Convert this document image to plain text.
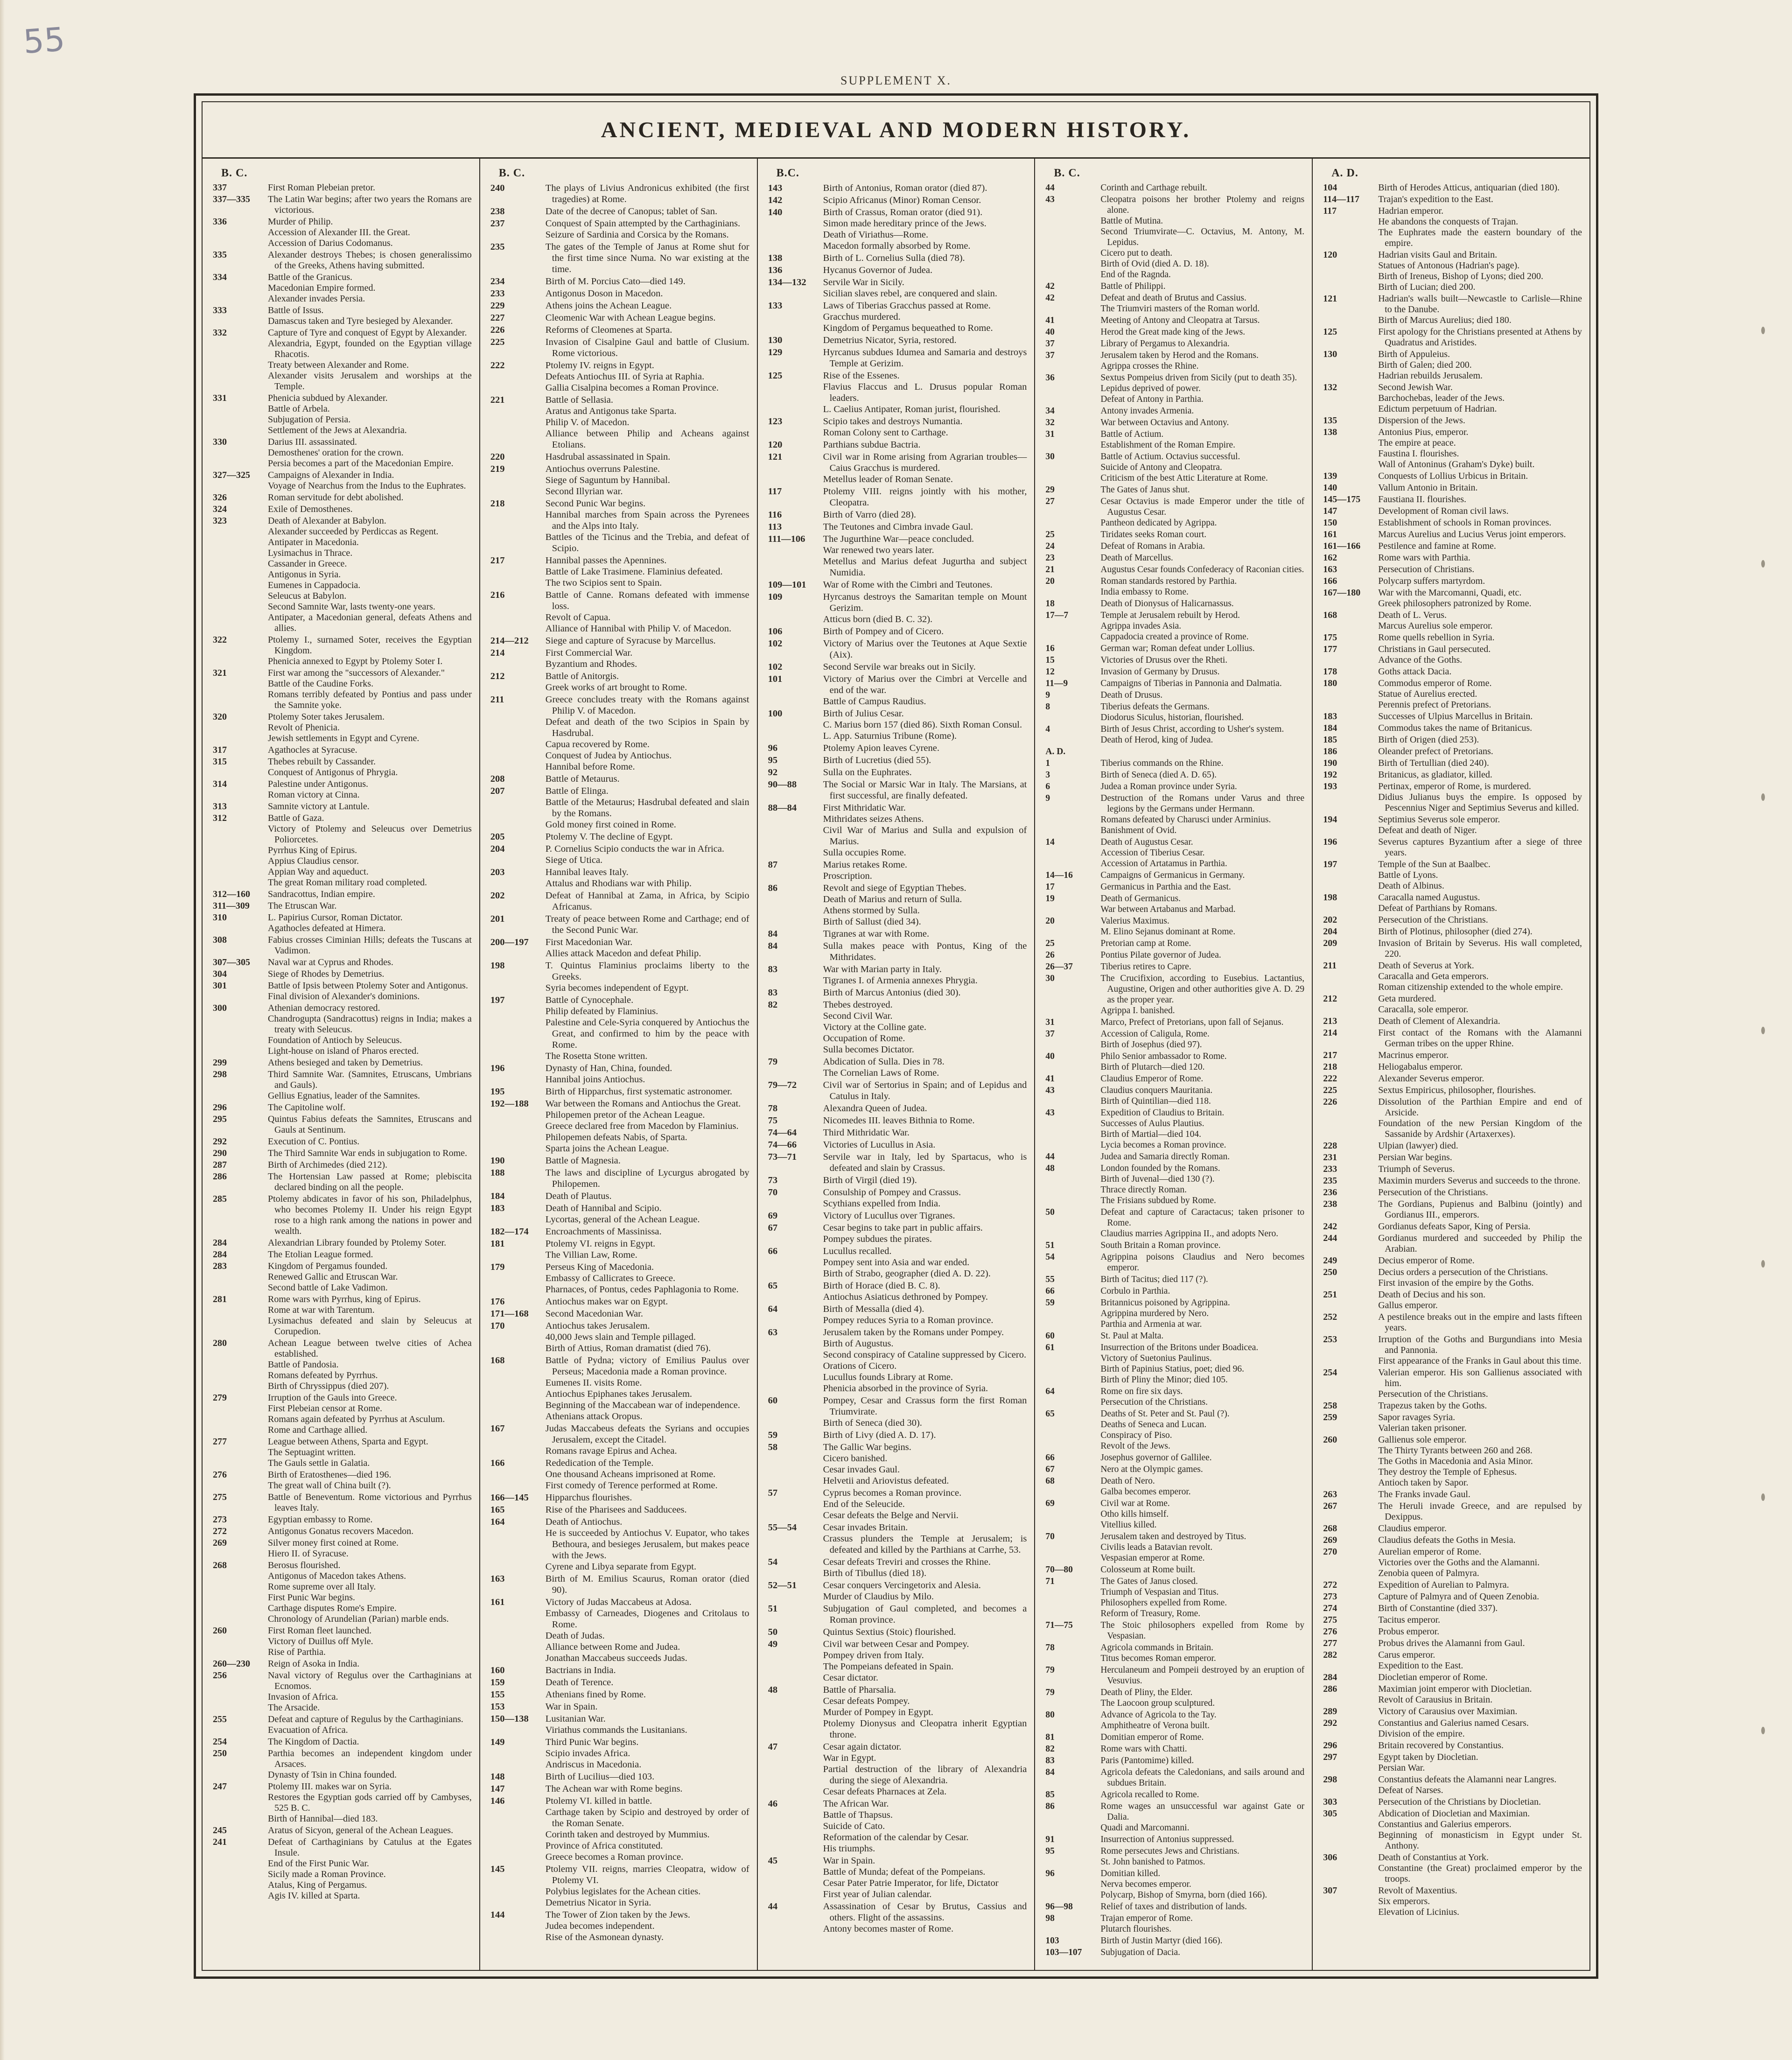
55
SUPPLEMENT X.
ANCIENT, MEDIEVAL AND MODERN HISTORY.
B. C.
337	First Roman Plebeian pretor.
337—335	The Latin War begins; after two years the Romans are victorious.
336	Murder of Philip.
Accession of Alexander III. the Great.
Accession of Darius Codomanus.
335	Alexander destroys Thebes; is chosen generalissimo of the Greeks, Athens having submitted.
334	Battle of the Granicus.
Macedonian Empire formed.
Alexander invades Persia.
333	Battle of Issus.
Damascus taken and Tyre besieged by Alexander.
332	Capture of Tyre and conquest of Egypt by Alexander.
Alexandria, Egypt, founded on the Egyptian village Rhacotis.
Treaty between Alexander and Rome.
Alexander visits Jerusalem and worships at the Temple.
331	Phenicia subdued by Alexander.
Battle of Arbela.
Subjugation of Persia.
Settlement of the Jews at Alexandria.
330	Darius III. assassinated.
Demosthenes' oration for the crown.
Persia becomes a part of the Macedonian Empire.
327—325	Campaigns of Alexander in India.
Voyage of Nearchus from the Indus to the Euphrates.
326	Roman servitude for debt abolished.
324	Exile of Demosthenes.
323	Death of Alexander at Babylon.
Alexander succeeded by Perdiccas as Regent.
Antipater in Macedonia.
Lysimachus in Thrace.
Cassander in Greece.
Antigonus in Syria.
Eumenes in Cappadocia.
Seleucus at Babylon.
Second Samnite War, lasts twenty-one years.
Antipater, a Macedonian general, defeats Athens and allies.
322	Ptolemy I., surnamed Soter, receives the Egyptian Kingdom.
Phenicia annexed to Egypt by Ptolemy Soter I.
321	First war among the "successors of Alexander."
Battle of the Caudine Forks.
Romans terribly defeated by Pontius and pass under the Samnite yoke.
320	Ptolemy Soter takes Jerusalem.
Revolt of Phenicia.
Jewish settlements in Egypt and Cyrene.
317	Agathocles at Syracuse.
315	Thebes rebuilt by Cassander.
Conquest of Antigonus of Phrygia.
314	Palestine under Antigonus.
Roman victory at Cinna.
313	Samnite victory at Lantule.
312	Battle of Gaza.
Victory of Ptolemy and Seleucus over Demetrius Poliorcetes.
Pyrrhus King of Epirus.
Appius Claudius censor.
Appian Way and aqueduct.
The great Roman military road completed.
312—160	Sandracottus, Indian empire.
311—309	The Etruscan War.
310	L. Papirius Cursor, Roman Dictator.
Agathocles defeated at Himera.
308	Fabius crosses Ciminian Hills; defeats the Tuscans at Vadimon.
307—305	Naval war at Cyprus and Rhodes.
304	Siege of Rhodes by Demetrius.
301	Battle of Ipsis between Ptolemy Soter and Antigonus.
Final division of Alexander's dominions.
300	Athenian democracy restored.
Chandrogupta (Sandracottus) reigns in India; makes a treaty with Seleucus.
Foundation of Antioch by Seleucus.
Light-house on island of Pharos erected.
299	Athens besieged and taken by Demetrius.
298	Third Samnite War. (Samnites, Etruscans, Umbrians and Gauls).
Gellius Egnatius, leader of the Samnites.
296	The Capitoline wolf.
295	Quintus Fabius defeats the Samnites, Etruscans and Gauls at Sentinum.
292	Execution of C. Pontius.
290	The Third Samnite War ends in subjugation to Rome.
287	Birth of Archimedes (died 212).
286	The Hortensian Law passed at Rome; plebiscita declared binding on all the people.
285	Ptolemy abdicates in favor of his son, Philadelphus, who becomes Ptolemy II. Under his reign Egypt rose to a high rank among the nations in power and wealth.
284	Alexandrian Library founded by Ptolemy Soter.
284	The Etolian League formed.
283	Kingdom of Pergamus founded.
Renewed Gallic and Etruscan War.
Second battle of Lake Vadimon.
281	Rome wars with Pyrrhus, king of Epirus.
Rome at war with Tarentum.
Lysimachus defeated and slain by Seleucus at Corupedion.
280	Achean League between twelve cities of Achea established.
Battle of Pandosia.
Romans defeated by Pyrrhus.
Birth of Chryssippus (died 207).
279	Irruption of the Gauls into Greece.
First Plebeian censor at Rome.
Romans again defeated by Pyrrhus at Asculum.
Rome and Carthage allied.
277	League between Athens, Sparta and Egypt.
The Septuagint written.
The Gauls settle in Galatia.
276	Birth of Eratosthenes—died 196.
The great wall of China built (?).
275	Battle of Beneventum. Rome victorious and Pyrrhus leaves Italy.
273	Egyptian embassy to Rome.
272	Antigonus Gonatus recovers Macedon.
269	Silver money first coined at Rome.
Hiero II. of Syracuse.
268	Berosus flourished.
Antigonus of Macedon takes Athens.
Rome supreme over all Italy.
First Punic War begins.
Carthage disputes Rome's Empire.
Chronology of Arundelian (Parian) marble ends.
260	First Roman fleet launched.
Victory of Duillus off Myle.
Rise of Parthia.
260—230	Reign of Asoka in India.
256	Naval victory of Regulus over the Carthaginians at Ecnomos.
Invasion of Africa.
The Arsacide.
255	Defeat and capture of Regulus by the Carthaginians.
Evacuation of Africa.
254	The Kingdom of Dactia.
250	Parthia becomes an independent kingdom under Arsaces.
Dynasty of Tsin in China founded.
247	Ptolemy III. makes war on Syria.
Restores the Egyptian gods carried off by Cambyses, 525 B. C.
Birth of Hannibal—died 183.
245	Aratus of Sicyon, general of the Achean Leagues.
241	Defeat of Carthaginians by Catulus at the Egates Insule.
End of the First Punic War.
Sicily made a Roman Province.
Atalus, King of Pergamus.
Agis IV. killed at Sparta.
B. C.
240	The plays of Livius Andronicus exhibited (the first tragedies) at Rome.
238	Date of the decree of Canopus; tablet of San.
237	Conquest of Spain attempted by the Carthaginians.
Seizure of Sardinia and Corsica by the Romans.
235	The gates of the Temple of Janus at Rome shut for the first time since Numa. No war existing at the time.
234	Birth of M. Porcius Cato—died 149.
233	Antigonus Doson in Macedon.
229	Athens joins the Achean League.
227	Cleomenic War with Achean League begins.
226	Reforms of Cleomenes at Sparta.
225	Invasion of Cisalpine Gaul and battle of Clusium. Rome victorious.
222	Ptolemy IV. reigns in Egypt.
Defeats Antiochus III. of Syria at Raphia.
Gallia Cisalpina becomes a Roman Province.
221	Battle of Sellasia.
Aratus and Antigonus take Sparta.
Philip V. of Macedon.
Alliance between Philip and Acheans against Etolians.
220	Hasdrubal assassinated in Spain.
219	Antiochus overruns Palestine.
Siege of Saguntum by Hannibal.
Second Illyrian war.
218	Second Punic War begins.
Hannibal marches from Spain across the Pyrenees and the Alps into Italy.
Battles of the Ticinus and the Trebia, and defeat of Scipio.
217	Hannibal passes the Apennines.
Battle of Lake Trasimene. Flaminius defeated.
The two Scipios sent to Spain.
216	Battle of Canne. Romans defeated with immense loss.
Revolt of Capua.
Alliance of Hannibal with Philip V. of Macedon.
214—212	Siege and capture of Syracuse by Marcellus.
214	First Commercial War.
Byzantium and Rhodes.
212	Battle of Anitorgis.
Greek works of art brought to Rome.
211	Greece concludes treaty with the Romans against Philip V. of Macedon.
Defeat and death of the two Scipios in Spain by Hasdrubal.
Capua recovered by Rome.
Conquest of Judea by Antiochus.
Hannibal before Rome.
208	Battle of Metaurus.
207	Battle of Elinga.
Battle of the Metaurus; Hasdrubal defeated and slain by the Romans.
Gold money first coined in Rome.
205	Ptolemy V. The decline of Egypt.
204	P. Cornelius Scipio conducts the war in Africa.
Siege of Utica.
203	Hannibal leaves Italy.
Attalus and Rhodians war with Philip.
202	Defeat of Hannibal at Zama, in Africa, by Scipio Africanus.
201	Treaty of peace between Rome and Carthage; end of the Second Punic War.
200—197	First Macedonian War.
Allies attack Macedon and defeat Philip.
198	T. Quintus Flaminius proclaims liberty to the Greeks.
Syria becomes independent of Egypt.
197	Battle of Cynocephale.
Philip defeated by Flaminius.
Palestine and Cele-Syria conquered by Antiochus the Great, and confirmed to him by the peace with Rome.
The Rosetta Stone written.
196	Dynasty of Han, China, founded.
Hannibal joins Antiochus.
195	Birth of Hipparchus, first systematic astronomer.
192—188	War between the Romans and Antiochus the Great.
Philopemen pretor of the Achean League.
Greece declared free from Macedon by Flaminius.
Philopemen defeats Nabis, of Sparta.
Sparta joins the Achean League.
190	Battle of Magnesia.
188	The laws and discipline of Lycurgus abrogated by Philopemen.
184	Death of Plautus.
183	Death of Hannibal and Scipio.
Lycortas, general of the Achean League.
182—174	Encroachments of Massinissa.
181	Ptolemy VI. reigns in Egypt.
The Villian Law, Rome.
179	Perseus King of Macedonia.
Embassy of Callicrates to Greece.
Pharnaces, of Pontus, cedes Paphlagonia to Rome.
176	Antiochus makes war on Egypt.
171—168	Second Macedonian War.
170	Antiochus takes Jerusalem.
40,000 Jews slain and Temple pillaged.
Birth of Attius, Roman dramatist (died 76).
168	Battle of Pydna; victory of Emilius Paulus over Perseus; Macedonia made a Roman province.
Eumenes II. visits Rome.
Antiochus Epiphanes takes Jerusalem.
Beginning of the Maccabean war of independence.
Athenians attack Oropus.
167	Judas Maccabeus defeats the Syrians and occupies Jerusalem, except the Citadel.
Romans ravage Epirus and Achea.
166	Rededication of the Temple.
One thousand Acheans imprisoned at Rome.
First comedy of Terence performed at Rome.
166—145	Hipparchus flourishes.
165	Rise of the Pharisees and Sadducees.
164	Death of Antiochus.
He is succeeded by Antiochus V. Eupator, who takes Bethoura, and besieges Jerusalem, but makes peace with the Jews.
Cyrene and Libya separate from Egypt.
163	Birth of M. Emilius Scaurus, Roman orator (died 90).
161	Victory of Judas Maccabeus at Adosa.
Embassy of Carneades, Diogenes and Critolaus to Rome.
Death of Judas.
Alliance between Rome and Judea.
Jonathan Maccabeus succeeds Judas.
160	Bactrians in India.
159	Death of Terence.
155	Athenians fined by Rome.
153	War in Spain.
150—138	Lusitanian War.
Viriathus commands the Lusitanians.
149	Third Punic War begins.
Scipio invades Africa.
Andriscus in Macedonia.
148	Birth of Lucilius—died 103.
147	The Achean war with Rome begins.
146	Ptolemy VI. killed in battle.
Carthage taken by Scipio and destroyed by order of the Roman Senate.
Corinth taken and destroyed by Mummius.
Province of Africa constituted.
Greece becomes a Roman province.
145	Ptolemy VII. reigns, marries Cleopatra, widow of Ptolemy VI.
Polybius legislates for the Achean cities.
Demetrius Nicator in Syria.
144	The Tower of Zion taken by the Jews.
Judea becomes independent.
Rise of the Asmonean dynasty.
B.C.
143	Birth of Antonius, Roman orator (died 87).
142	Scipio Africanus (Minor) Roman Censor.
140	Birth of Crassus, Roman orator (died 91).
Simon made hereditary prince of the Jews.
Death of Viriathus—Rome.
Macedon formally absorbed by Rome.
138	Birth of L. Cornelius Sulla (died 78).
136	Hycanus Governor of Judea.
134—132	Servile War in Sicily.
Sicilian slaves rebel, are conquered and slain.
133	Laws of Tiberias Gracchus passed at Rome.
Gracchus murdered.
Kingdom of Pergamus bequeathed to Rome.
130	Demetrius Nicator, Syria, restored.
129	Hyrcanus subdues Idumea and Samaria and destroys Temple at Gerizim.
125	Rise of the Essenes.
Flavius Flaccus and L. Drusus popular Roman leaders.
L. Caelius Antipater, Roman jurist, flourished.
123	Scipio takes and destroys Numantia.
Roman Colony sent to Carthage.
120	Parthians subdue Bactria.
121	Civil war in Rome arising from Agrarian troubles—Caius Gracchus is murdered.
Metellus leader of Roman Senate.
117	Ptolemy VIII. reigns jointly with his mother, Cleopatra.
116	Birth of Varro (died 28).
113	The Teutones and Cimbra invade Gaul.
111—106	The Jugurthine War—peace concluded.
War renewed two years later.
Metellus and Marius defeat Jugurtha and subject Numidia.
109—101	War of Rome with the Cimbri and Teutones.
109	Hyrcanus destroys the Samaritan temple on Mount Gerizim.
Atticus born (died B. C. 32).
106	Birth of Pompey and of Cicero.
102	Victory of Marius over the Teutones at Aque Sextie (Aix).
102	Second Servile war breaks out in Sicily.
101	Victory of Marius over the Cimbri at Vercelle and end of the war.
Battle of Campus Raudius.
100	Birth of Julius Cesar.
C. Marius born 157 (died 86). Sixth Roman Consul.
L. App. Saturnius Tribune (Rome).
96	Ptolemy Apion leaves Cyrene.
95	Birth of Lucretius (died 55).
92	Sulla on the Euphrates.
90—88	The Social or Marsic War in Italy. The Marsians, at first successful, are finally defeated.
88—84	First Mithridatic War.
Mithridates seizes Athens.
Civil War of Marius and Sulla and expulsion of Marius.
Sulla occupies Rome.
87	Marius retakes Rome.
Proscription.
86	Revolt and siege of Egyptian Thebes.
Death of Marius and return of Sulla.
Athens stormed by Sulla.
Birth of Sallust (died 34).
84	Tigranes at war with Rome.
84	Sulla makes peace with Pontus, King of the Mithridates.
83	War with Marian party in Italy.
Tigranes I. of Armenia annexes Phrygia.
83	Birth of Marcus Antonius (died 30).
82	Thebes destroyed.
Second Civil War.
Victory at the Colline gate.
Occupation of Rome.
Sulla becomes Dictator.
79	Abdication of Sulla. Dies in 78.
The Cornelian Laws of Rome.
79—72	Civil war of Sertorius in Spain; and of Lepidus and Catulus in Italy.
78	Alexandra Queen of Judea.
75	Nicomedes III. leaves Bithnia to Rome.
74—64	Third Mithridatic War.
74—66	Victories of Lucullus in Asia.
73—71	Servile war in Italy, led by Spartacus, who is defeated and slain by Crassus.
73	Birth of Virgil (died 19).
70	Consulship of Pompey and Crassus.
Scythians expelled from India.
69	Victory of Lucullus over Tigranes.
67	Cesar begins to take part in public affairs.
Pompey subdues the pirates.
66	Lucullus recalled.
Pompey sent into Asia and war ended.
Birth of Strabo, geographer (died A. D. 22).
65	Birth of Horace (died B. C. 8).
Antiochus Asiaticus dethroned by Pompey.
64	Birth of Messalla (died 4).
Pompey reduces Syria to a Roman province.
63	Jerusalem taken by the Romans under Pompey.
Birth of Augustus.
Second conspiracy of Cataline suppressed by Cicero.
Orations of Cicero.
Lucullus founds Library at Rome.
Phenicia absorbed in the province of Syria.
60	Pompey, Cesar and Crassus form the first Roman Triumvirate.
Birth of Seneca (died 30).
59	Birth of Livy (died A. D. 17).
58	The Gallic War begins.
Cicero banished.
Cesar invades Gaul.
Helvetii and Ariovistus defeated.
57	Cyprus becomes a Roman province.
End of the Seleucide.
Cesar defeats the Belge and Nervii.
55—54	Cesar invades Britain.
Crassus plunders the Temple at Jerusalem; is defeated and killed by the Parthians at Carrhe, 53.
54	Cesar defeats Treviri and crosses the Rhine.
Birth of Tibullus (died 18).
52—51	Cesar conquers Vercingetorix and Alesia.
Murder of Claudius by Milo.
51	Subjugation of Gaul completed, and becomes a Roman province.
50	Quintus Sextius (Stoic) flourished.
49	Civil war between Cesar and Pompey.
Pompey driven from Italy.
The Pompeians defeated in Spain.
Cesar dictator.
48	Battle of Pharsalia.
Cesar defeats Pompey.
Murder of Pompey in Egypt.
Ptolemy Dionysus and Cleopatra inherit Egyptian throne.
47	Cesar again dictator.
War in Egypt.
Partial destruction of the library of Alexandria during the siege of Alexandria.
Cesar defeats Pharnaces at Zela.
46	The African War.
Battle of Thapsus.
Suicide of Cato.
Reformation of the calendar by Cesar.
His triumphs.
45	War in Spain.
Battle of Munda; defeat of the Pompeians.
Cesar Pater Patrie Imperator, for life, Dictator
First year of Julian calendar.
44	Assassination of Cesar by Brutus, Cassius and others. Flight of the assassins.
Antony becomes master of Rome.
B. C.
44	Corinth and Carthage rebuilt.
43	Cleopatra poisons her brother Ptolemy and reigns alone.
Battle of Mutina.
Second Triumvirate—C. Octavius, M. Antony, M. Lepidus.
Cicero put to death.
Birth of Ovid (died A. D. 18).
End of the Ragnda.
42	Battle of Philippi.
42	Defeat and death of Brutus and Cassius.
The Triumviri masters of the Roman world.
41	Meeting of Antony and Cleopatra at Tarsus.
40	Herod the Great made king of the Jews.
37	Library of Pergamus to Alexandria.
37	Jerusalem taken by Herod and the Romans.
Agrippa crosses the Rhine.
36	Sextus Pompeius driven from Sicily (put to death 35).
Lepidus deprived of power.
Defeat of Antony in Parthia.
34	Antony invades Armenia.
32	War between Octavius and Antony.
31	Battle of Actium.
Establishment of the Roman Empire.
30	Battle of Actium. Octavius successful.
Suicide of Antony and Cleopatra.
Criticism of the best Attic Literature at Rome.
29	The Gates of Janus shut.
27	Cesar Octavius is made Emperor under the title of Augustus Cesar.
Pantheon dedicated by Agrippa.
25	Tiridates seeks Roman court.
24	Defeat of Romans in Arabia.
23	Death of Marcellus.
21	Augustus Cesar founds Confederacy of Raconian cities.
20	Roman standards restored by Parthia.
India embassy to Rome.
18	Death of Dionysus of Halicarnassus.
17—7	Temple at Jerusalem rebuilt by Herod.
Agrippa invades Asia.
Cappadocia created a province of Rome.
16	German war; Roman defeat under Lollius.
15	Victories of Drusus over the Rheti.
12	Invasion of Germany by Drusus.
11—9	Campaigns of Tiberias in Pannonia and Dalmatia.
9	Death of Drusus.
8	Tiberius defeats the Germans.
Diodorus Siculus, historian, flourished.
4	Birth of Jesus Christ, according to Usher's system.
Death of Herod, king of Judea.
A. D.
1	Tiberius commands on the Rhine.
3	Birth of Seneca (died A. D. 65).
6	Judea a Roman province under Syria.
9	Destruction of the Romans under Varus and three legions by the Germans under Hermann.
Romans defeated by Charusci under Arminius.
Banishment of Ovid.
14	Death of Augustus Cesar.
Accession of Tiberius Cesar.
Accession of Artatamus in Parthia.
14—16	Campaigns of Germanicus in Germany.
17	Germanicus in Parthia and the East.
19	Death of Germanicus.
War between Artabanus and Marbad.
20	Valerius Maximus.
M. Elino Sejanus dominant at Rome.
25	Pretorian camp at Rome.
26	Pontius Pilate governor of Judea.
26—37	Tiberius retires to Capre.
30	The Crucifixion, according to Eusebius. Lactantius, Augustine, Origen and other authorities give A. D. 29 as the proper year.
Agrippa I. banished.
31	Marco, Prefect of Pretorians, upon fall of Sejanus.
37	Accession of Caligula, Rome.
Birth of Josephus (died 97).
40	Philo Senior ambassador to Rome.
Birth of Plutarch—died 120.
41	Claudius Emperor of Rome.
43	Claudius conquers Mauritania.
Birth of Quintilian—died 118.
43	Expedition of Claudius to Britain.
Successes of Aulus Plautius.
Birth of Martial—died 104.
Lycia becomes a Roman province.
44	Judea and Samaria directly Roman.
48	London founded by the Romans.
Birth of Juvenal—died 130 (?).
Thrace directly Roman.
The Frisians subdued by Rome.
50	Defeat and capture of Caractacus; taken prisoner to Rome.
Claudius marries Agrippina II., and adopts Nero.
51	South Britain a Roman province.
54	Agrippina poisons Claudius and Nero becomes emperor.
55	Birth of Tacitus; died 117 (?).
66	Corbulo in Parthia.
59	Britannicus poisoned by Agrippina.
Agrippina murdered by Nero.
Parthia and Armenia at war.
60	St. Paul at Malta.
61	Insurrection of the Britons under Boadicea.
Victory of Suetonius Paulinus.
Birth of Papinius Statius, poet; died 96.
Birth of Pliny the Minor; died 105.
64	Rome on fire six days.
Persecution of the Christians.
65	Deaths of St. Peter and St. Paul (?).
Deaths of Seneca and Lucan.
Conspiracy of Piso.
Revolt of the Jews.
66	Josephus governor of Gallilee.
67	Nero at the Olympic games.
68	Death of Nero.
Galba becomes emperor.
69	Civil war at Rome.
Otho kills himself.
Vitellius killed.
70	Jerusalem taken and destroyed by Titus.
Civilis leads a Batavian revolt.
Vespasian emperor at Rome.
70—80	Colosseum at Rome built.
71	The Gates of Janus closed.
Triumph of Vespasian and Titus.
Philosophers expelled from Rome.
Reform of Treasury, Rome.
71—75	The Stoic philosophers expelled from Rome by Vespasian.
78	Agricola commands in Britain.
Titus becomes Roman emperor.
79	Herculaneum and Pompeii destroyed by an eruption of Vesuvius.
79	Death of Pliny, the Elder.
The Laocoon group sculptured.
80	Advance of Agricola to the Tay.
Amphitheatre of Verona built.
81	Domitian emperor of Rome.
82	Rome wars with Chatti.
83	Paris (Pantomime) killed.
84	Agricola defeats the Caledonians, and sails around and subdues Britain.
85	Agricola recalled to Rome.
86	Rome wages an unsuccessful war against Gate or Dalia.
Quadi and Marcomanni.
91	Insurrection of Antonius suppressed.
95	Rome persecutes Jews and Christians.
St. John banished to Patmos.
96	Domitian killed.
Nerva becomes emperor.
Polycarp, Bishop of Smyrna, born (died 166).
96—98	Relief of taxes and distribution of lands.
98	Trajan emperor of Rome.
Plutarch flourishes.
103	Birth of Justin Martyr (died 166).
103—107	Subjugation of Dacia.
A. D.
104	Birth of Herodes Atticus, antiquarian (died 180).
114—117	Trajan's expedition to the East.
117	Hadrian emperor.
He abandons the conquests of Trajan.
The Euphrates made the eastern boundary of the empire.
120	Hadrian visits Gaul and Britain.
Statues of Antonous (Hadrian's page).
Birth of Ireneus, Bishop of Lyons; died 200.
Birth of Lucian; died 200.
121	Hadrian's walls built—Newcastle to Carlisle—Rhine to the Danube.
Birth of Marcus Aurelius; died 180.
125	First apology for the Christians presented at Athens by Quadratus and Aristides.
130	Birth of Appuleius.
Birth of Galen; died 200.
Hadrian rebuilds Jerusalem.
132	Second Jewish War.
Barchochebas, leader of the Jews.
Edictum perpetuum of Hadrian.
135	Dispersion of the Jews.
138	Antonius Pius, emperor.
The empire at peace.
Faustina I. flourishes.
Wall of Antoninus (Graham's Dyke) built.
139	Conquests of Lollius Urbicus in Britain.
140	Vallum Antonio in Britain.
145—175	Faustiana II. flourishes.
147	Development of Roman civil laws.
150	Establishment of schools in Roman provinces.
161	Marcus Aurelius and Lucius Verus joint emperors.
161—166	Pestilence and famine at Rome.
162	Rome wars with Parthia.
163	Persecution of Christians.
166	Polycarp suffers martyrdom.
167—180	War with the Marcomanni, Quadi, etc.
Greek philosophers patronized by Rome.
168	Death of L. Verus.
Marcus Aurelius sole emperor.
175	Rome quells rebellion in Syria.
177	Christians in Gaul persecuted.
Advance of the Goths.
178	Goths attack Dacia.
180	Commodus emperor of Rome.
Statue of Aurelius erected.
Perennis prefect of Pretorians.
183	Successes of Ulpius Marcellus in Britain.
184	Commodus takes the name of Britanicus.
185	Birth of Origen (died 253).
186	Oleander prefect of Pretorians.
190	Birth of Tertullian (died 240).
192	Britanicus, as gladiator, killed.
193	Pertinax, emperor of Rome, is murdered.
Didius Julianus buys the empire. Is opposed by Pescennius Niger and Septimius Severus and killed.
194	Septimius Severus sole emperor.
Defeat and death of Niger.
196	Severus captures Byzantium after a siege of three years.
197	Temple of the Sun at Baalbec.
Battle of Lyons.
Death of Albinus.
198	Caracalla named Augustus.
Defeat of Parthians by Romans.
202	Persecution of the Christians.
204	Birth of Plotinus, philosopher (died 274).
209	Invasion of Britain by Severus. His wall completed, 220.
211	Death of Severus at York.
Caracalla and Geta emperors.
Roman citizenship extended to the whole empire.
212	Geta murdered.
Caracalla, sole emperor.
213	Death of Clement of Alexandria.
214	First contact of the Romans with the Alamanni German tribes on the upper Rhine.
217	Macrinus emperor.
218	Heliogabalus emperor.
222	Alexander Severus emperor.
225	Sextus Empiricus, philosopher, flourishes.
226	Dissolution of the Parthian Empire and end of Arsicide.
Foundation of the new Persian Kingdom of the Sassanide by Ardshir (Artaxerxes).
228	Ulpian (lawyer) died.
231	Persian War begins.
233	Triumph of Severus.
235	Maximin murders Severus and succeeds to the throne.
236	Persecution of the Christians.
238	The Gordians, Pupienus and Balbinu (jointly) and Gordianus III., emperors.
242	Gordianus defeats Sapor, King of Persia.
244	Gordianus murdered and succeeded by Philip the Arabian.
249	Decius emperor of Rome.
250	Decius orders a persecution of the Christians.
First invasion of the empire by the Goths.
251	Death of Decius and his son.
Gallus emperor.
252	A pestilence breaks out in the empire and lasts fifteen years.
253	Irruption of the Goths and Burgundians into Mesia and Pannonia.
First appearance of the Franks in Gaul about this time.
254	Valerian emperor. His son Gallienus associated with him.
Persecution of the Christians.
258	Trapezus taken by the Goths.
259	Sapor ravages Syria.
Valerian taken prisoner.
260	Gallienus sole emperor.
The Thirty Tyrants between 260 and 268.
The Goths in Macedonia and Asia Minor.
They destroy the Temple of Ephesus.
Antioch taken by Sapor.
263	The Franks invade Gaul.
267	The Heruli invade Greece, and are repulsed by Dexippus.
268	Claudius emperor.
269	Claudius defeats the Goths in Mesia.
270	Aurelian emperor of Rome.
Victories over the Goths and the Alamanni.
Zenobia queen of Palmyra.
272	Expedition of Aurelian to Palmyra.
273	Capture of Palmyra and of Queen Zenobia.
274	Birth of Constantine (died 337).
275	Tacitus emperor.
276	Probus emperor.
277	Probus drives the Alamanni from Gaul.
282	Carus emperor.
Expedition to the East.
284	Diocletian emperor of Rome.
286	Maximian joint emperor with Diocletian.
Revolt of Carausius in Britain.
289	Victory of Carausius over Maximian.
292	Constantius and Galerius named Cesars.
Division of the empire.
296	Britain recovered by Constantius.
297	Egypt taken by Diocletian.
Persian War.
298	Constantius defeats the Alamanni near Langres.
Defeat of Narses.
303	Persecution of the Christians by Diocletian.
305	Abdication of Diocletian and Maximian.
Constantius and Galerius emperors.
Beginning of monasticism in Egypt under St. Anthony.
306	Death of Constantius at York.
Constantine (the Great) proclaimed emperor by the troops.
307	Revolt of Maxentius.
Six emperors.
Elevation of Licinius.
